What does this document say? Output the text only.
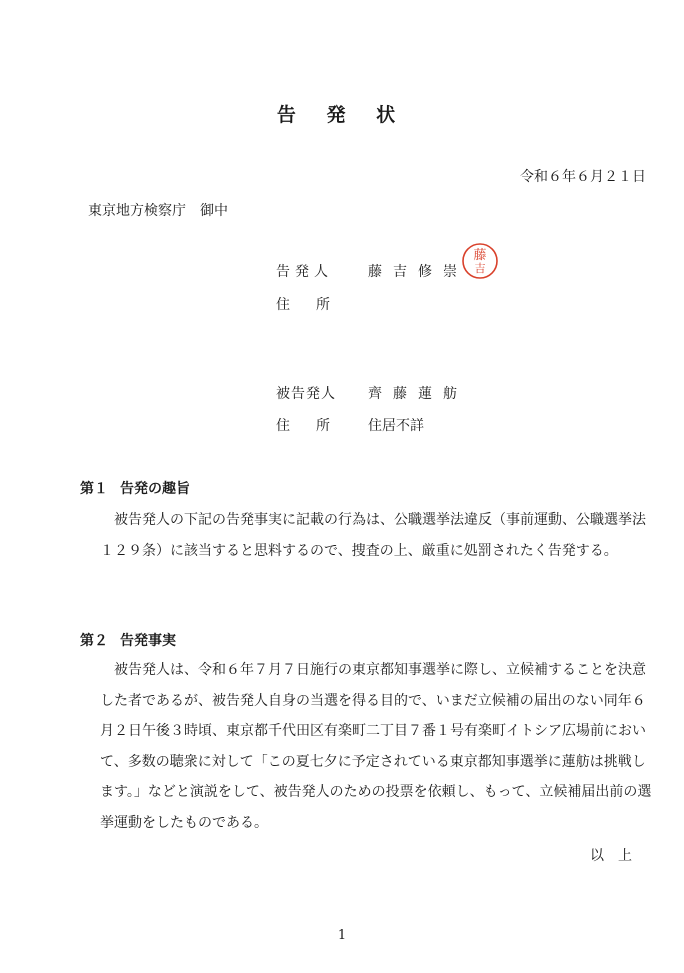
告 発 状
令和６年６月２１日
東京地方検察庁　御中
告発人	藤吉修崇
住所
藤
吉
被告発人 齊藤蓮舫
住所 住居不詳
第１ 告発の趣旨
被告発人の下記の告発事実に記載の行為は、公職選挙法違反（事前運動、公職選挙法１２９条）に該当すると思料するので、捜査の上、厳重に処罰されたく告発する。
第２ 告発事実
被告発人は、令和６年７月７日施行の東京都知事選挙に際し、立候補することを決意した者であるが、被告発人自身の当選を得る目的で、いまだ立候補の届出のない同年６月２日午後３時頃、東京都千代田区有楽町二丁目７番１号有楽町イトシア広場前において、多数の聴衆に対して「この夏七夕に予定されている東京都知事選挙に蓮舫は挑戦します。」などと演説をして、被告発人のための投票を依頼し、もって、立候補届出前の選挙運動をしたものである。
以上
1
